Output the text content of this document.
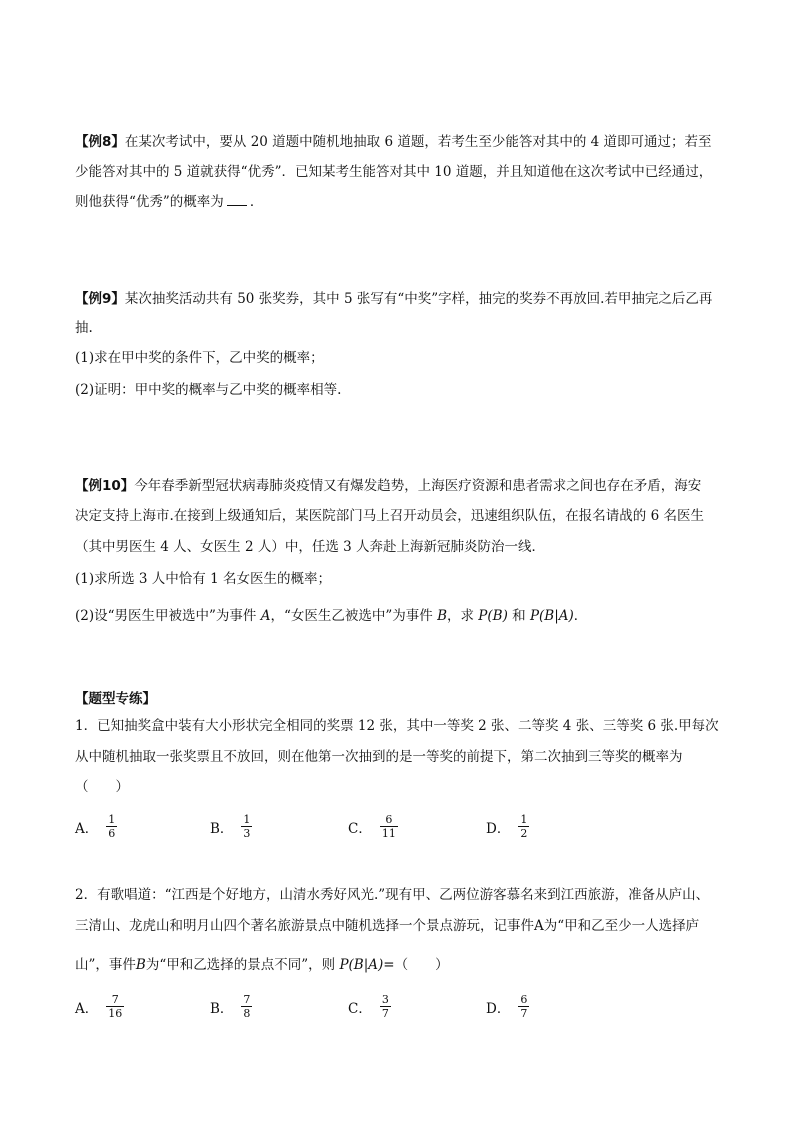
【例8】在某次考试中，要从 20 道题中随机地抽取 6 道题，若考生至少能答对其中的 4 道即可通过；若至
少能答对其中的 5 道就获得“优秀”．已知某考生能答对其中 10 道题，并且知道他在这次考试中已经通过，
则他获得“优秀”的概率为 ．
【例9】某次抽奖活动共有 50 张奖券，其中 5 张写有“中奖”字样，抽完的奖券不再放回.若甲抽完之后乙再
抽.
(1)求在甲中奖的条件下，乙中奖的概率；
(2)证明：甲中奖的概率与乙中奖的概率相等.
【例10】今年春季新型冠状病毒肺炎疫情又有爆发趋势，上海医疗资源和患者需求之间也存在矛盾，海安
决定支持上海市.在接到上级通知后，某医院部门马上召开动员会，迅速组织队伍，在报名请战的 6 名医生
（其中男医生 4 人、女医生 2 人）中，任选 3 人奔赴上海新冠肺炎防治一线．
(1)求所选 3 人中恰有 1 名女医生的概率；
(2)设“男医生甲被选中”为事件 A，“女医生乙被选中”为事件 B，求 P(B) 和 P(B|A)．
【题型专练】
1．已知抽奖盒中装有大小形状完全相同的奖票 12 张，其中一等奖 2 张、二等奖 4 张、三等奖 6 张.甲每次
从中随机抽取一张奖票且不放回，则在他第一次抽到的是一等奖的前提下，第二次抽到三等奖的概率为
（　　）
A． $\frac{1}{6}$	B． $\frac{1}{3}$	C． $\frac{6}{11}$	D． $\frac{1}{2}$
2．有歌唱道：“江西是个好地方，山清水秀好风光.”现有甲、乙两位游客慕名来到江西旅游，准备从庐山、
三清山、龙虎山和明月山四个著名旅游景点中随机选择一个景点游玩，记事件A为“甲和乙至少一人选择庐
山”，事件B为“甲和乙选择的景点不同”，则 P(B|A)=（　　）
A． $\frac{7}{16}$	B． $\frac{7}{8}$	C． $\frac{3}{7}$	D． $\frac{6}{7}$
